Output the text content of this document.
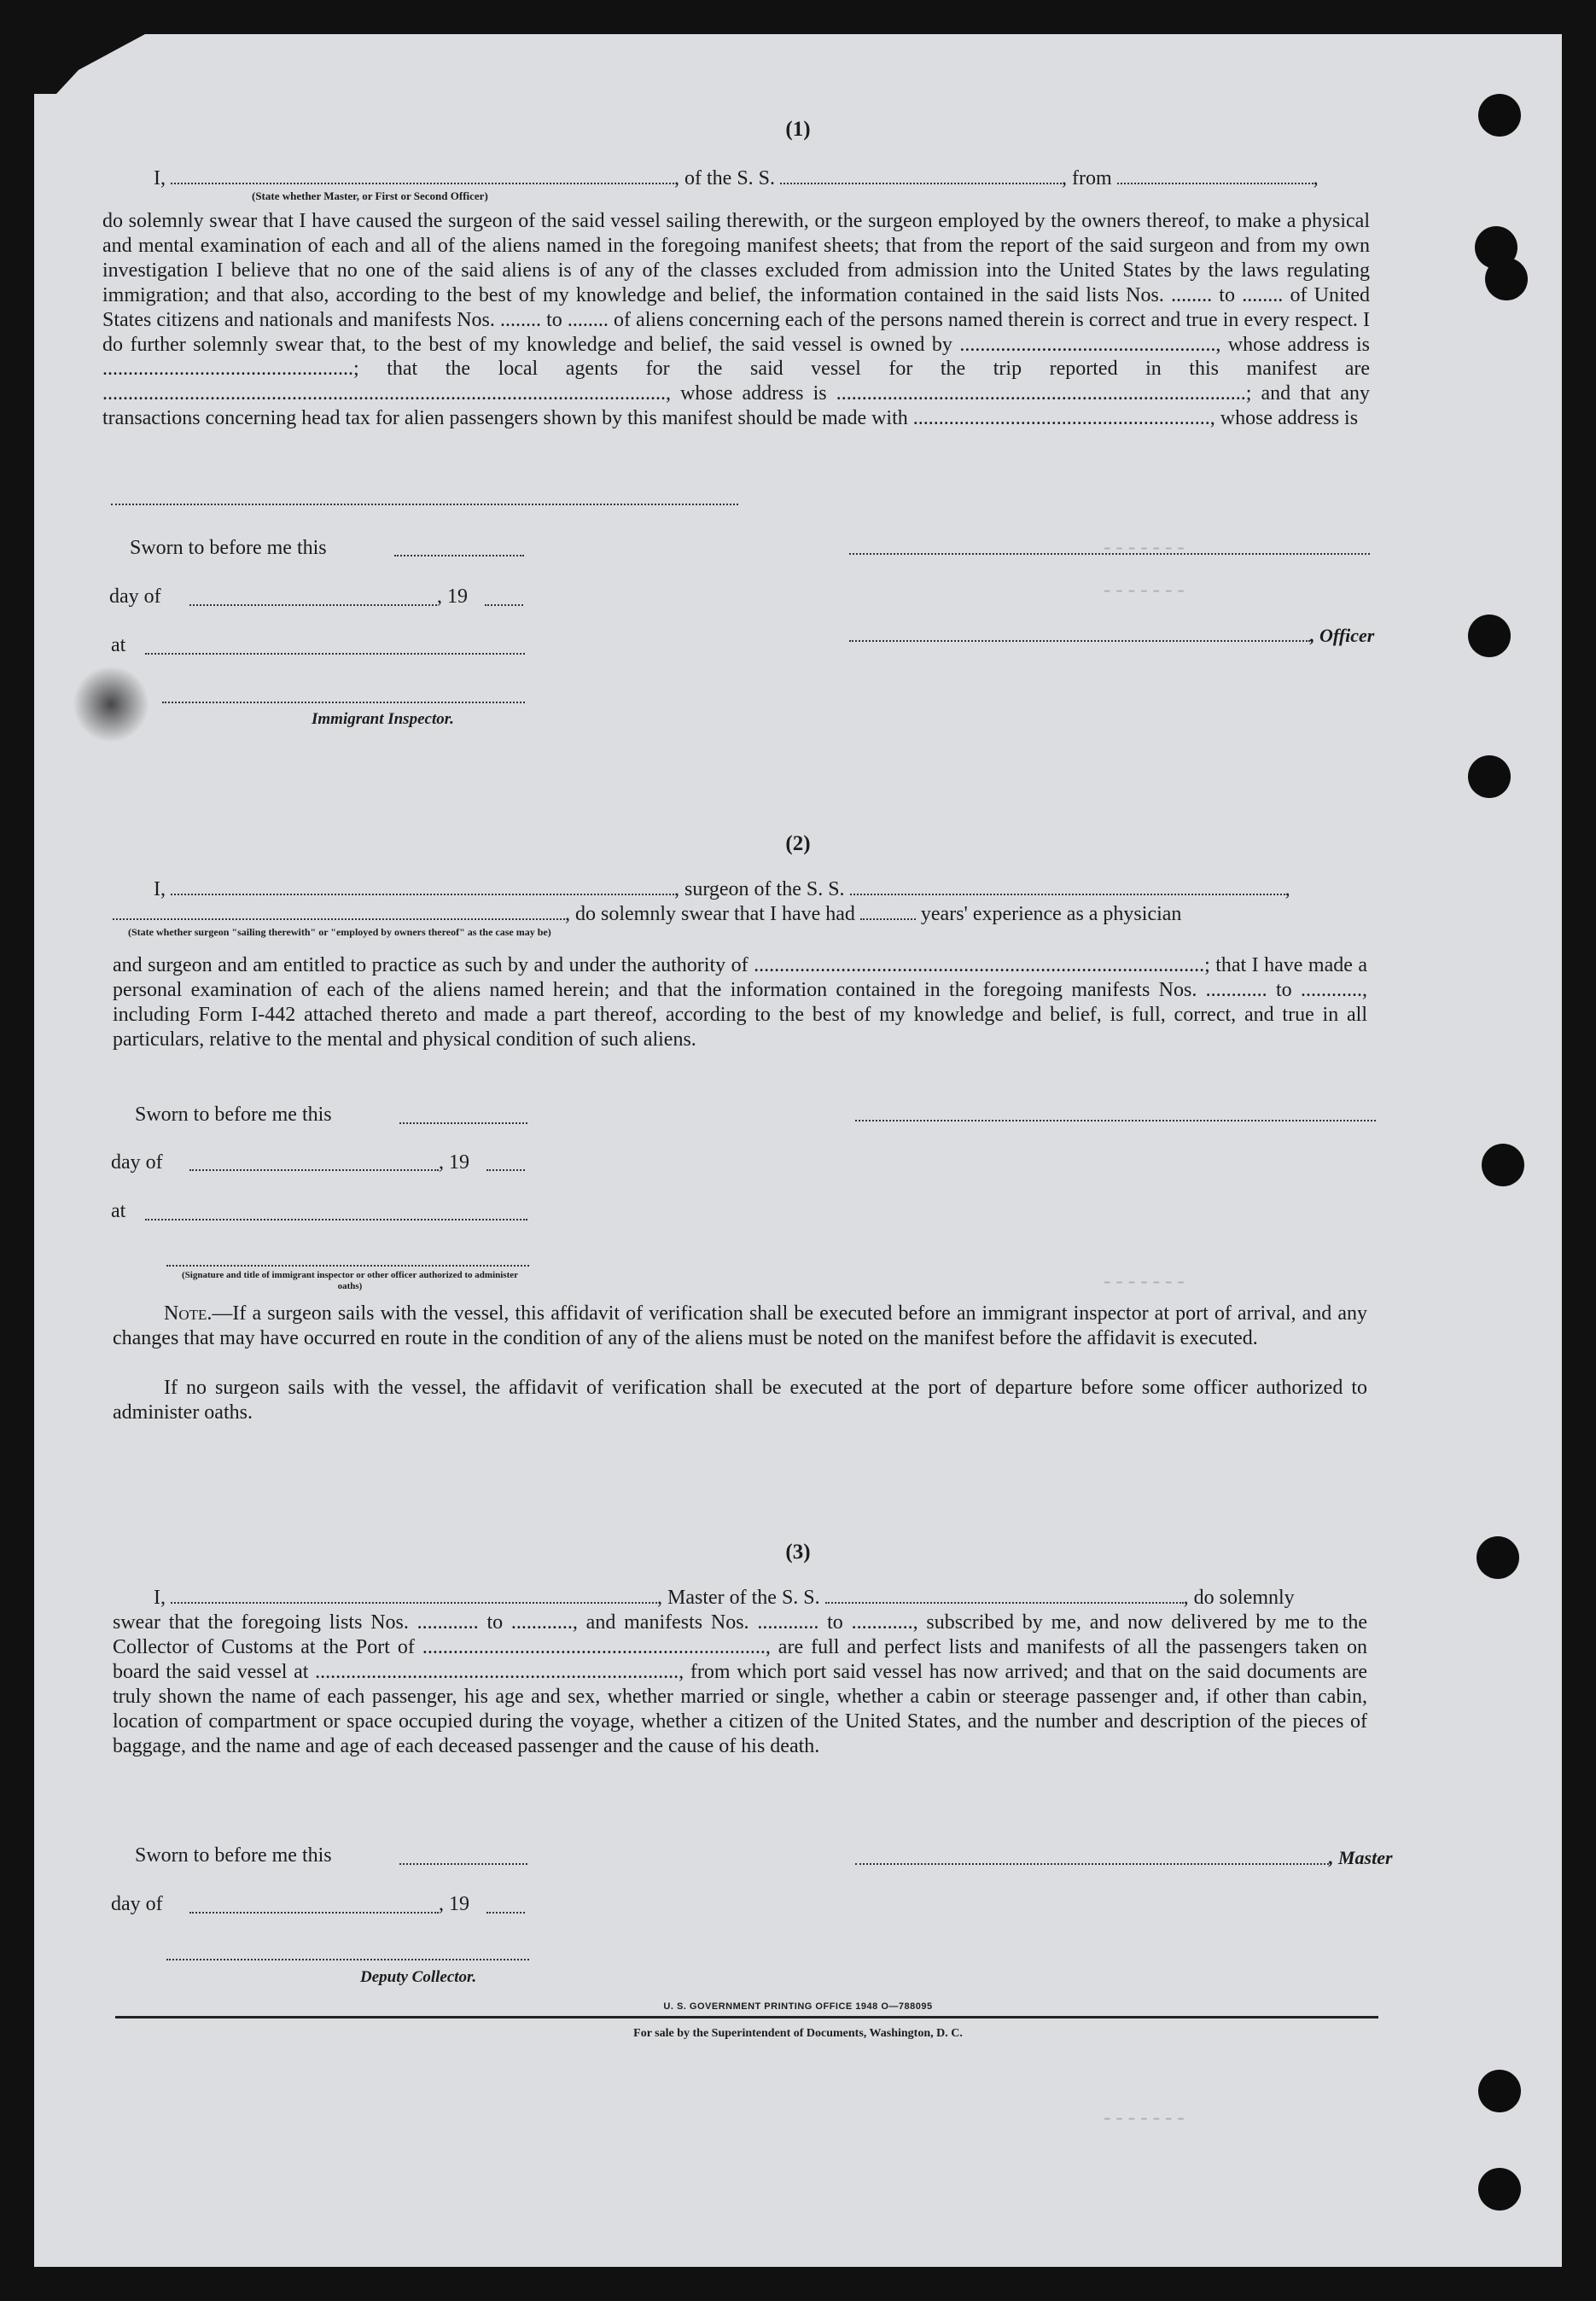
-------
-------
-------
-------
(1)
I,	, of the S. S.	, from	,
(State whether Master, or First or Second Officer)
do solemnly swear that I have caused the surgeon of the said vessel sailing therewith, or the surgeon employed by the owners thereof, to make a physical and mental examination of each and all of the aliens named in the foregoing manifest sheets; that from the report of the said surgeon and from my own investigation I believe that no one of the said aliens is of any of the classes excluded from admission into the United States by the laws regulating immigration; and that also, according to the best of my knowledge and belief, the information contained in the said lists Nos. ........ to ........ of United States citizens and nationals and manifests Nos. ........ to ........ of aliens concerning each of the persons named therein is correct and true in every respect. I do further solemnly swear that, to the best of my knowledge and belief, the said vessel is owned by .................................................., whose address is .................................................; that the local agents for the said vessel for the trip reported in this manifest are .............................................................................................................., whose address is ................................................................................; and that any transactions concerning head tax for alien passengers shown by this manifest should be made with .........................................................., whose address is
Sworn to before me this
day of	, 19
, Officer
at
Immigrant Inspector.
(2)
I,	, surgeon of the S. S.	,
, do solemnly swear that I have had	years' experience as a physician
(State whether surgeon "sailing therewith" or "employed by owners thereof" as the case may be)
and surgeon and am entitled to practice as such by and under the authority of ........................................................................................; that I have made a personal examination of each of the aliens named herein; and that the information contained in the foregoing manifests Nos. ............ to ............, including Form I-442 attached thereto and made a part thereof, according to the best of my knowledge and belief, is full, correct, and true in all particulars, relative to the mental and physical condition of such aliens.
Sworn to before me this
day of	, 19
at
(Signature and title of immigrant inspector or other officer authorized to administer oaths)
Note.—If a surgeon sails with the vessel, this affidavit of verification shall be executed before an immigrant inspector at port of arrival, and any changes that may have occurred en route in the condition of any of the aliens must be noted on the manifest before the affidavit is executed.
If no surgeon sails with the vessel, the affidavit of verification shall be executed at the port of departure before some officer authorized to administer oaths.
(3)
I,	, Master of the S. S.	, do solemnly
swear that the foregoing lists Nos. ............ to ............, and manifests Nos. ............ to ............, subscribed by me, and now delivered by me to the Collector of Customs at the Port of ..................................................................., are full and perfect lists and manifests of all the passengers taken on board the said vessel at ......................................................................., from which port said vessel has now arrived; and that on the said documents are truly shown the name of each passenger, his age and sex, whether married or single, whether a cabin or steerage passenger and, if other than cabin, location of compartment or space occupied during the voyage, whether a citizen of the United States, and the number and description of the pieces of baggage, and the name and age of each deceased passenger and the cause of his death.
Sworn to before me this	, Master
day of	, 19
Deputy Collector.
U. S. GOVERNMENT PRINTING OFFICE 1948 O—788095
For sale by the Superintendent of Documents, Washington, D. C.
